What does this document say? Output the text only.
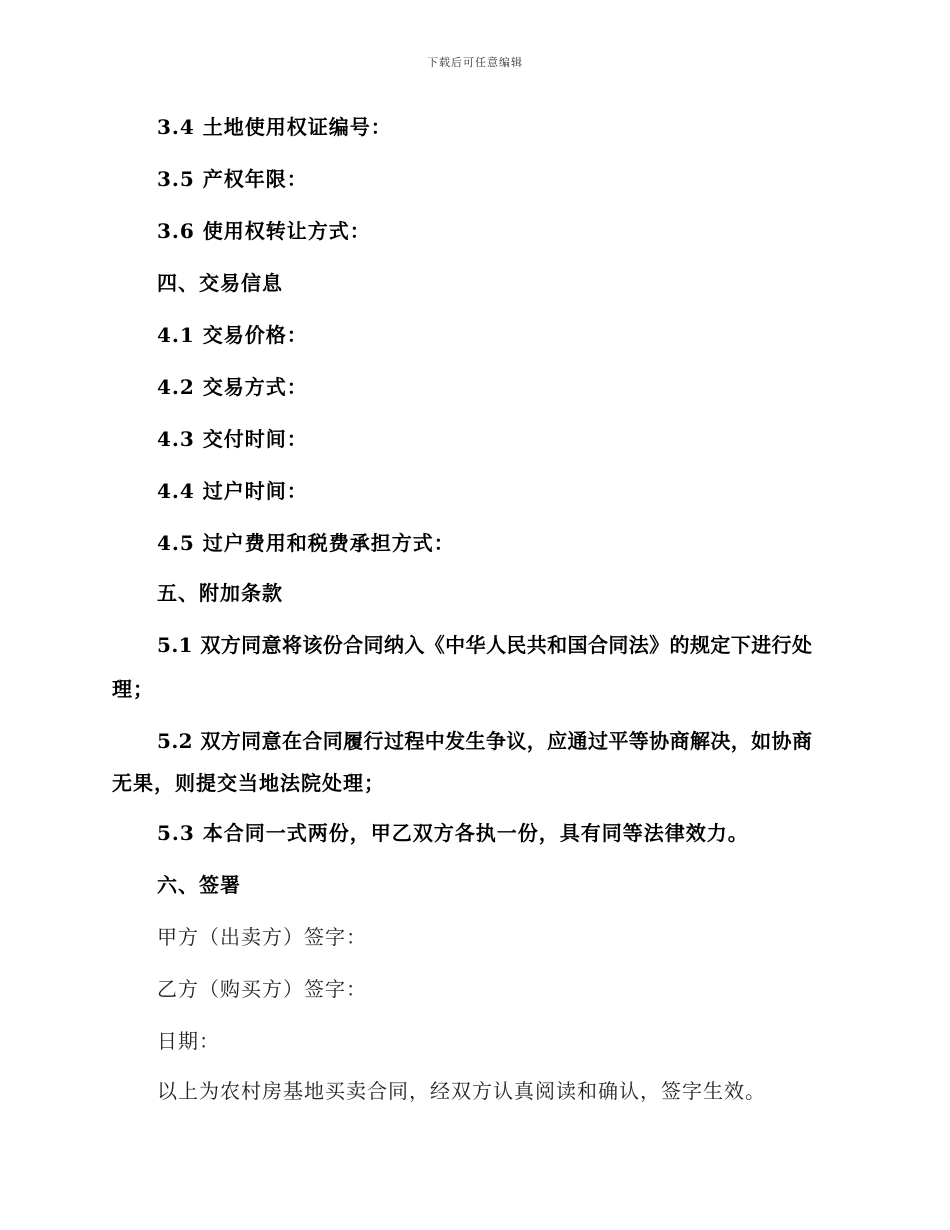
下载后可任意编辑
3.4 土地使用权证编号：
3.5 产权年限：
3.6 使用权转让方式：
四、交易信息
4.1 交易价格：
4.2 交易方式：
4.3 交付时间：
4.4 过户时间：
4.5 过户费用和税费承担方式：
五、附加条款
5.1 双方同意将该份合同纳入《中华人民共和国合同法》的规定下进行处
理；
5.2 双方同意在合同履行过程中发生争议，应通过平等协商解决，如协商
无果，则提交当地法院处理；
5.3 本合同一式两份，甲乙双方各执一份，具有同等法律效力。
六、签署
甲方（出卖方）签字：
乙方（购买方）签字：
日期：
以上为农村房基地买卖合同，经双方认真阅读和确认，签字生效。
